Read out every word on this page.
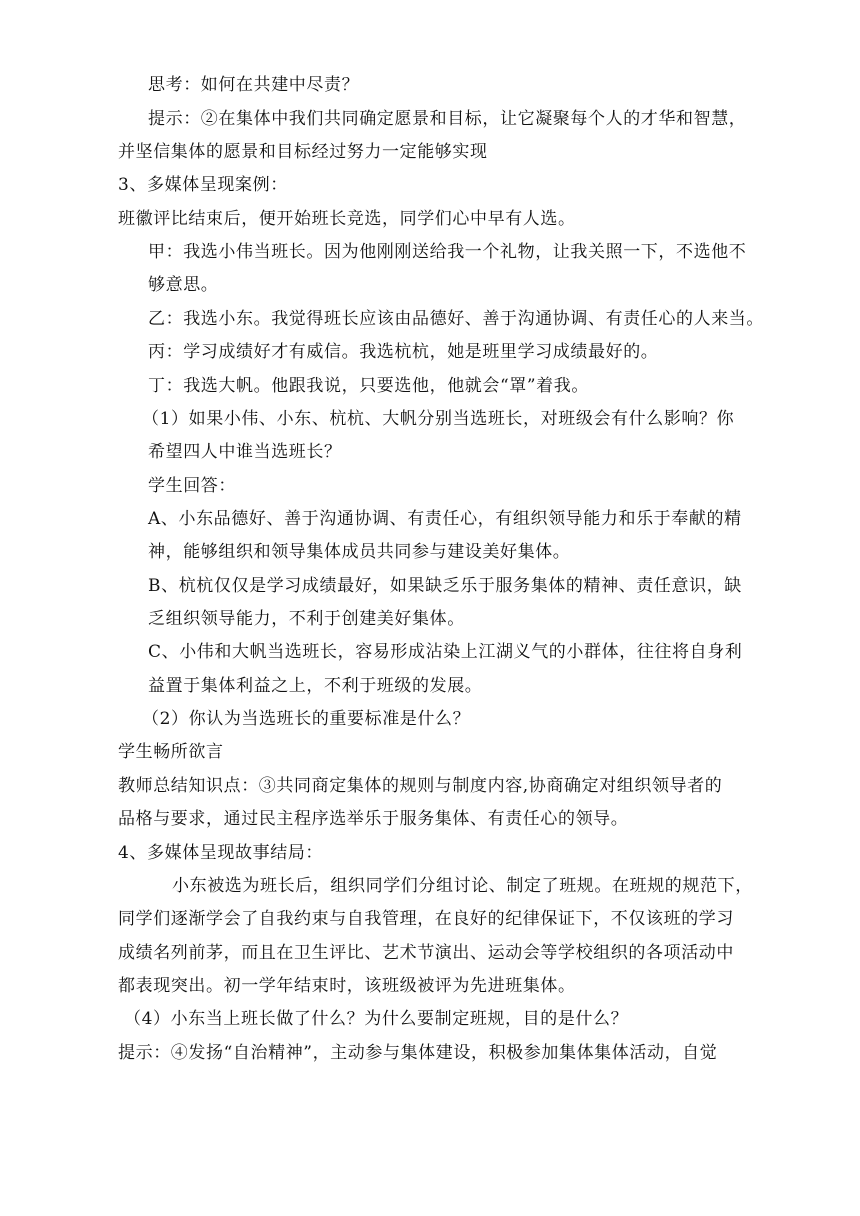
思考：如何在共建中尽责？
提示：②在集体中我们共同确定愿景和目标，让它凝聚每个人的才华和智慧，
并坚信集体的愿景和目标经过努力一定能够实现
3、多媒体呈现案例：
班徽评比结束后，便开始班长竞选，同学们心中早有人选。
甲：我选小伟当班长。因为他刚刚送给我一个礼物，让我关照一下，不选他不
够意思。
乙：我选小东。我觉得班长应该由品德好、善于沟通协调、有责任心的人来当。
丙：学习成绩好才有威信。我选杭杭，她是班里学习成绩最好的。
丁：我选大帆。他跟我说，只要选他，他就会“罩”着我。
（1）如果小伟、小东、杭杭、大帆分别当选班长，对班级会有什么影响？你
希望四人中谁当选班长？
学生回答：
A、小东品德好、善于沟通协调、有责任心，有组织领导能力和乐于奉献的精
神，能够组织和领导集体成员共同参与建设美好集体。
B、杭杭仅仅是学习成绩最好，如果缺乏乐于服务集体的精神、责任意识，缺
乏组织领导能力，不利于创建美好集体。
C、小伟和大帆当选班长，容易形成沾染上江湖义气的小群体，往往将自身利
益置于集体利益之上，不利于班级的发展。
（2）你认为当选班长的重要标准是什么？
学生畅所欲言
教师总结知识点：③共同商定集体的规则与制度内容,协商确定对组织领导者的
品格与要求，通过民主程序选举乐于服务集体、有责任心的领导。
4、多媒体呈现故事结局：
小东被选为班长后，组织同学们分组讨论、制定了班规。在班规的规范下，
同学们逐渐学会了自我约束与自我管理，在良好的纪律保证下，不仅该班的学习
成绩名列前茅，而且在卫生评比、艺术节演出、运动会等学校组织的各项活动中
都表现突出。初一学年结束时，该班级被评为先进班集体。
（4）小东当上班长做了什么？为什么要制定班规，目的是什么？
提示：④发扬“自治精神”，主动参与集体建设，积极参加集体集体活动，自觉
